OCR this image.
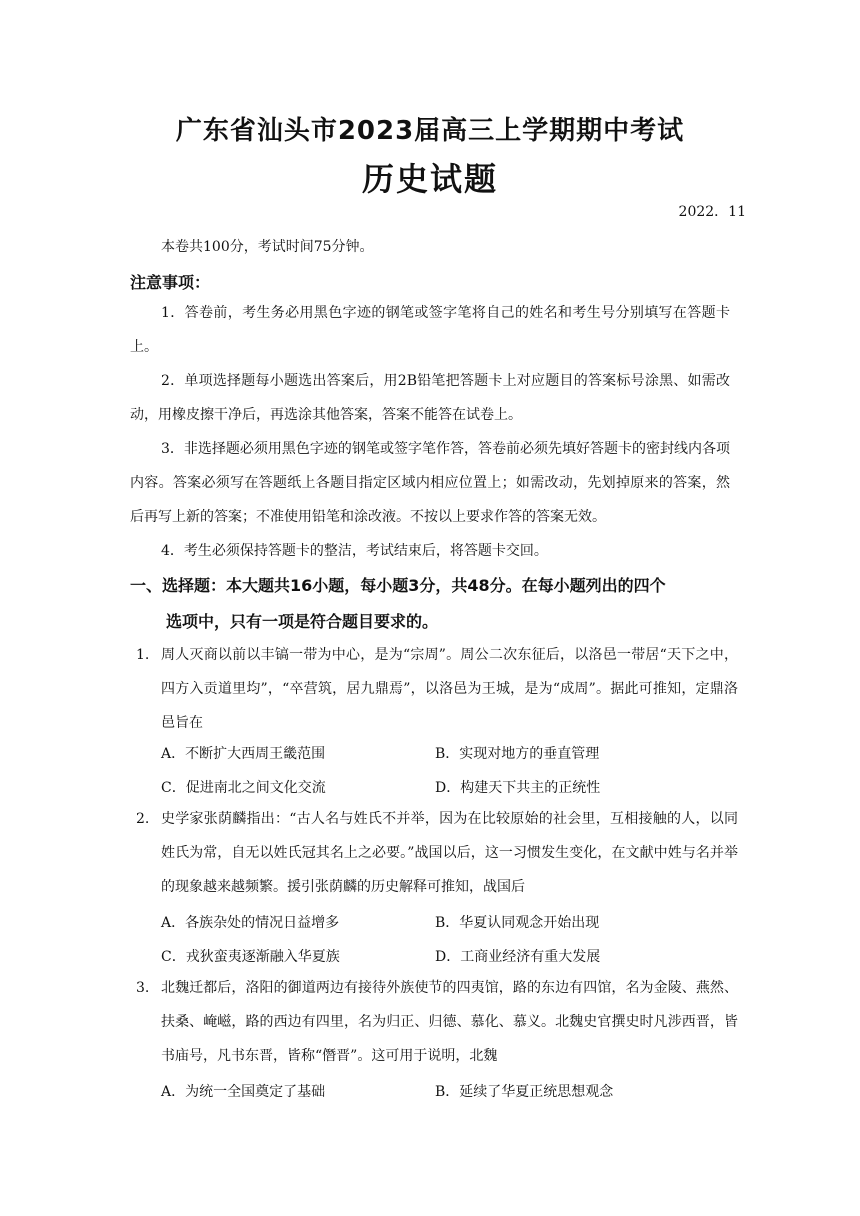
广东省汕头市2023届高三上学期期中考试
历史试题
2022．11
本卷共100分，考试时间75分钟。
注意事项：
1．答卷前，考生务必用黑色字迹的钢笔或签字笔将自己的姓名和考生号分别填写在答题卡上。
2．单项选择题每小题选出答案后，用2B铅笔把答题卡上对应题目的答案标号涂黑、如需改动，用橡皮擦干净后，再选涂其他答案，答案不能答在试卷上。
3．非选择题必须用黑色字迹的钢笔或签字笔作答，答卷前必须先填好答题卡的密封线内各项内容。答案必须写在答题纸上各题目指定区域内相应位置上；如需改动，先划掉原来的答案，然后再写上新的答案；不准使用铅笔和涂改液。不按以上要求作答的答案无效。
4．考生必须保持答题卡的整洁，考试结束后，将答题卡交回。
一、选择题：本大题共16小题，每小题3分，共48分。在每小题列出的四个
选项中，只有一项是符合题目要求的。
1. 周人灭商以前以丰镐一带为中心，是为“宗周”。周公二次东征后，以洛邑一带居“天下之中，四方入贡道里均”，“卒营筑，居九鼎焉”，以洛邑为王城，是为“成周”。据此可推知，定鼎洛邑旨在
A．不断扩大西周王畿范围	B．实现对地方的垂直管理
C．促进南北之间文化交流	D．构建天下共主的正统性
2. 史学家张荫麟指出：“古人名与姓氏不并举，因为在比较原始的社会里，互相接触的人，以同姓氏为常，自无以姓氏冠其名上之必要。”战国以后，这一习惯发生变化，在文献中姓与名并举的现象越来越频繁。援引张荫麟的历史解释可推知，战国后
A．各族杂处的情况日益增多	B．华夏认同观念开始出现
C．戎狄蛮夷逐渐融入华夏族	D．工商业经济有重大发展
3. 北魏迁都后，洛阳的御道两边有接待外族使节的四夷馆，路的东边有四馆，名为金陵、燕然、扶桑、崦嵫，路的西边有四里，名为归正、归德、慕化、慕义。北魏史官撰史时凡涉西晋，皆书庙号，凡书东晋，皆称“僭晋”。这可用于说明，北魏
A．为统一全国奠定了基础	B．延续了华夏正统思想观念
